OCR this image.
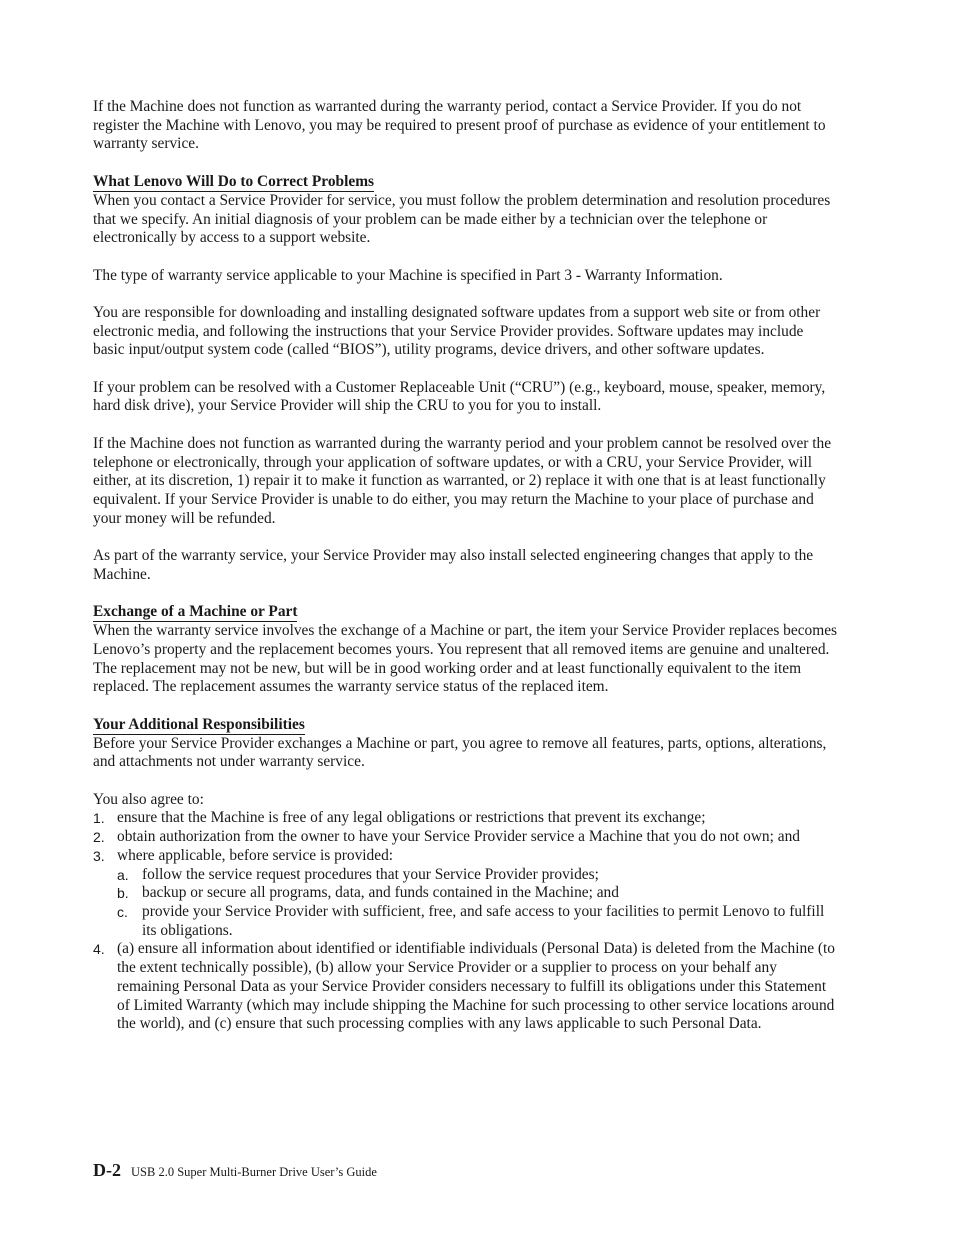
If the Machine does not function as warranted during the warranty period, contact a Service Provider. If you do not register the Machine with Lenovo, you may be required to present proof of purchase as evidence of your entitlement to warranty service.

What Lenovo Will Do to Correct Problems

When you contact a Service Provider for service, you must follow the problem determination and resolution procedures that we specify. An initial diagnosis of your problem can be made either by a technician over the telephone or electronically by access to a support website.

The type of warranty service applicable to your Machine is specified in Part 3 - Warranty Information.

You are responsible for downloading and installing designated software updates from a support web site or from other electronic media, and following the instructions that your Service Provider provides. Software updates may include basic input/output system code (called “BIOS”), utility programs, device drivers, and other software updates.

If your problem can be resolved with a Customer Replaceable Unit (“CRU”) (e.g., keyboard, mouse, speaker, memory, hard disk drive), your Service Provider will ship the CRU to you for you to install.

If the Machine does not function as warranted during the warranty period and your problem cannot be resolved over the telephone or electronically, through your application of software updates, or with a CRU, your Service Provider, will either, at its discretion, 1) repair it to make it function as warranted, or 2) replace it with one that is at least functionally equivalent. If your Service Provider is unable to do either, you may return the Machine to your place of purchase and your money will be refunded.

As part of the warranty service, your Service Provider may also install selected engineering changes that apply to the Machine.

Exchange of a Machine or Part

When the warranty service involves the exchange of a Machine or part, the item your Service Provider replaces becomes Lenovo’s property and the replacement becomes yours. You represent that all removed items are genuine and unaltered. The replacement may not be new, but will be in good working order and at least functionally equivalent to the item replaced. The replacement assumes the warranty service status of the replaced item.

Your Additional Responsibilities

Before your Service Provider exchanges a Machine or part, you agree to remove all features, parts, options, alterations, and attachments not under warranty service.

You also agree to:

1. ensure that the Machine is free of any legal obligations or restrictions that prevent its exchange;
2. obtain authorization from the owner to have your Service Provider service a Machine that you do not own; and
3. where applicable, before service is provided:
a. follow the service request procedures that your Service Provider provides;
b. backup or secure all programs, data, and funds contained in the Machine; and
c. provide your Service Provider with sufficient, free, and safe access to your facilities to permit Lenovo to fulfill its obligations.
4. (a) ensure all information about identified or identifiable individuals (Personal Data) is deleted from the Machine (to the extent technically possible), (b) allow your Service Provider or a supplier to process on your behalf any remaining Personal Data as your Service Provider considers necessary to fulfill its obligations under this Statement of Limited Warranty (which may include shipping the Machine for such processing to other service locations around the world), and (c) ensure that such processing complies with any laws applicable to such Personal Data.
D-2 USB 2.0 Super Multi-Burner Drive User’s Guide
